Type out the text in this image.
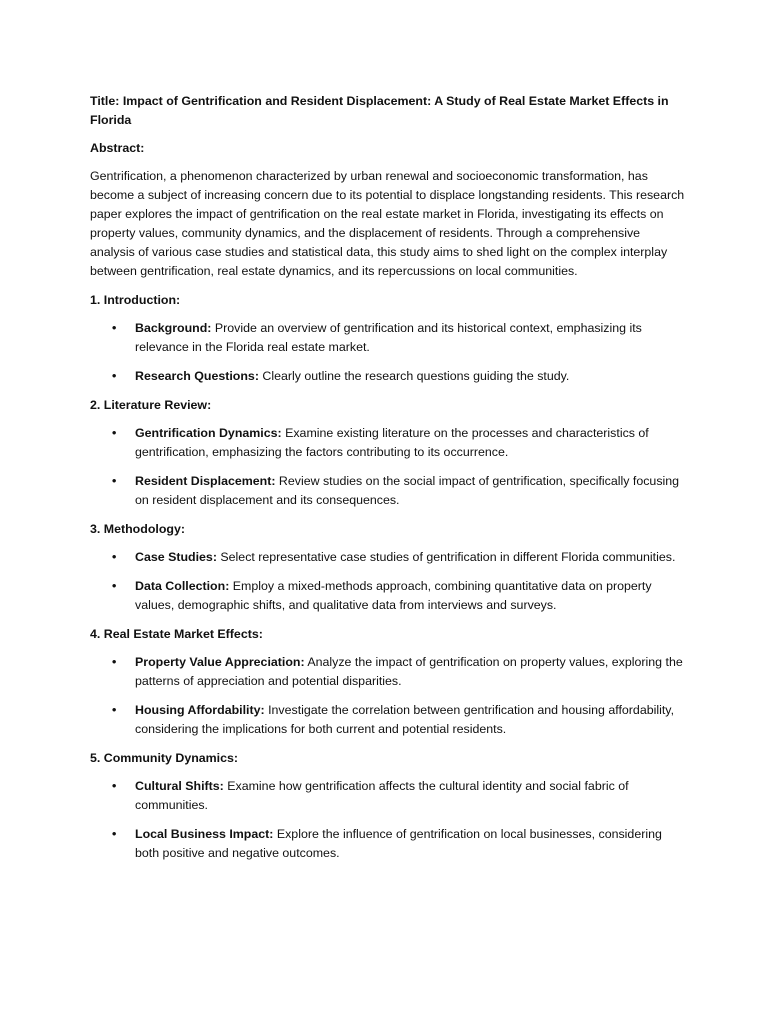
Title: Impact of Gentrification and Resident Displacement: A Study of Real Estate Market Effects in Florida

Abstract:

Gentrification, a phenomenon characterized by urban renewal and socioeconomic transformation, has become a subject of increasing concern due to its potential to displace longstanding residents. This research paper explores the impact of gentrification on the real estate market in Florida, investigating its effects on property values, community dynamics, and the displacement of residents. Through a comprehensive analysis of various case studies and statistical data, this study aims to shed light on the complex interplay between gentrification, real estate dynamics, and its repercussions on local communities.

1. Introduction:

• Background: Provide an overview of gentrification and its historical context, emphasizing its relevance in the Florida real estate market.
• Research Questions: Clearly outline the research questions guiding the study.

2. Literature Review:

• Gentrification Dynamics: Examine existing literature on the processes and characteristics of gentrification, emphasizing the factors contributing to its occurrence.
• Resident Displacement: Review studies on the social impact of gentrification, specifically focusing on resident displacement and its consequences.

3. Methodology:

• Case Studies: Select representative case studies of gentrification in different Florida communities.
• Data Collection: Employ a mixed-methods approach, combining quantitative data on property values, demographic shifts, and qualitative data from interviews and surveys.

4. Real Estate Market Effects:

• Property Value Appreciation: Analyze the impact of gentrification on property values, exploring the patterns of appreciation and potential disparities.
• Housing Affordability: Investigate the correlation between gentrification and housing affordability, considering the implications for both current and potential residents.

5. Community Dynamics:

• Cultural Shifts: Examine how gentrification affects the cultural identity and social fabric of communities.
• Local Business Impact: Explore the influence of gentrification on local businesses, considering both positive and negative outcomes.
